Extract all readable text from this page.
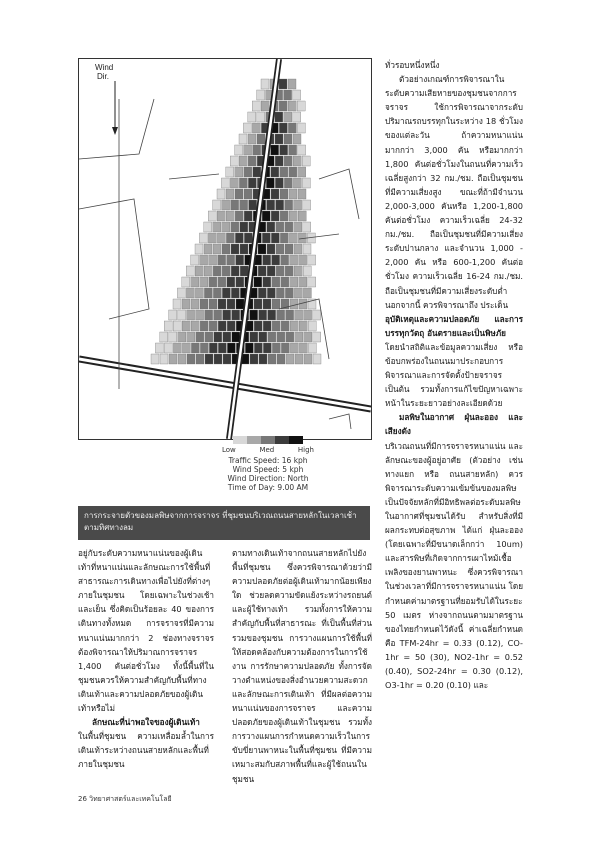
Wind
Dir.
Low	Med	High
Traffic Speed: 16 kph
Wind Speed: 5 kph
Wind Direction: North
Time of Day: 9.00 AM

การกระจายตัวของมลพิษจากการจราจร ที่ชุมชนบริเวณถนนสายหลักในเวลาเช้าตามทิศทางลม

ทั่วรอบหนึ่งหนึ่ง

ตัวอย่างเกณฑ์การพิจารณาในระดับความเสียหายของชุมชนจากการจราจร ใช้การพิจารณาจากระดับปริมาณรถบรรทุกในระหว่าง 18 ชั่วโมงของแต่ละวัน ถ้าความหนาแน่นมากกว่า 3,000 คัน หรือมากกว่า 1,800 คันต่อชั่วโมงในถนนที่ความเร็วเฉลี่ยสูงกว่า 32 กม./ชม. ถือเป็นชุมชนที่มีความเสี่ยงสูง ขณะที่ถ้ามีจำนวน 2,000-3,000 คันหรือ 1,200-1,800 คันต่อชั่วโมง ความเร็วเฉลี่ย 24-32 กม./ชม. ถือเป็นชุมชนที่มีความเสี่ยงระดับปานกลาง และจำนวน 1,000 - 2,000 คัน หรือ 600-1,200 คันต่อชั่วโมง ความเร็วเฉลี่ย 16-24 กม./ชม. ถือเป็นชุมชนที่มีความเสี่ยงระดับต่ำ นอกจากนี้ ควรพิจารณาถึง ประเด็น

อุบัติเหตุและความปลอดภัย และการบรรทุกวัตถุ อันตรายและเป็นพิษภัย

โดยนำสถิติและข้อมูลความเสี่ยง หรือข้อบกพร่องในถนนมาประกอบการพิจารณาและการจัดตั้งป้ายจราจร เป็นต้น รวมทั้งการแก้ไขปัญหาเฉพาะหน้าในระยะยาวอย่างละเอียดด้วย

มลพิษในอากาศ ฝุ่นละออง และเสียงดัง

บริเวณถนนที่มีการจราจรหนาแน่น และลักษณะของผู้อยู่อาศัย (ตัวอย่าง เช่น ทางแยก หรือ ถนนสายหลัก) ควรพิจารณาระดับความเข้มข้นของมลพิษ เป็นปัจจัยหลักที่มีอิทธิพลต่อระดับมลพิษในอากาศที่ชุมชนได้รับ สำหรับสิ่งที่มีผลกระทบต่อสุขภาพ ได้แก่ ฝุ่นละออง (โดยเฉพาะที่มีขนาดเล็กกว่า 10um) และสารพิษที่เกิดจากการเผาไหม้เชื้อเพลิงของยานพาหนะ ซึ่งควรพิจารณาในช่วงเวลาที่มีการจราจรหนาแน่น โดยกำหนดค่ามาตรฐานที่ยอมรับได้ในระยะ 50 เมตร ห่างจากถนนตามมาตรฐานของไทยกำหนดไว้ดังนี้ ค่าเฉลี่ยกำหนด คือ TFM-24hr = 0.33 (0.12), CO-1hr = 50 (30), NO2-1hr = 0.52 (0.40), SO2-24hr = 0.30 (0.12), O3-1hr = 0.20 (0.10) และ

อยู่กับระดับความหนาแน่นของผู้เดินเท้าที่หนาแน่นและลักษณะการใช้พื้นที่สาธารณะการเดินทางเพื่อไปยังที่ต่างๆ ภายในชุมชน โดยเฉพาะในช่วงเช้าและเย็น ซึ่งคิดเป็นร้อยละ 40 ของการเดินทางทั้งหมด การจราจรที่มีความหนาแน่นมากกว่า 2 ช่องทางจราจร ต้องพิจารณาให้ปริมาณการจราจร 1,400 คันต่อชั่วโมง ทั้งนี้พื้นที่ในชุมชนควรให้ความสำคัญกับพื้นที่ทางเดินเท้าและความปลอดภัยของผู้เดินเท้าหรือไม่

ลักษณะที่น่าพอใจของผู้เดินเท้า

ในพื้นที่ชุมชน ความเหลื่อมล้ำในการเดินเท้าระหว่างถนนสายหลักและพื้นที่ภายในชุมชน

ตามทางเดินเท้าจากถนนสายหลักไปยังพื้นที่ชุมชน ซึ่งควรพิจารณาด้วยว่ามีความปลอดภัยต่อผู้เดินเท้ามากน้อยเพียงใด ช่วยลดความขัดแย้งระหว่างรถยนต์และผู้ใช้ทางเท้า รวมทั้งการให้ความสำคัญกับพื้นที่สาธารณะ ที่เป็นพื้นที่ส่วนรวมของชุมชน การวางแผนการใช้พื้นที่ให้สอดคล้องกับความต้องการในการใช้งาน การรักษาความปลอดภัย ทั้งการจัดวางตำแหน่งของสิ่งอำนวยความสะดวกและลักษณะการเดินเท้า ที่มีผลต่อความหนาแน่นของการจราจร และความปลอดภัยของผู้เดินเท้าในชุมชน รวมทั้งการวางแผนการกำหนดความเร็วในการขับขี่ยานพาหนะในพื้นที่ชุมชน ที่มีความเหมาะสมกับสภาพพื้นที่และผู้ใช้ถนนในชุมชน

26 วิทยาศาสตร์และเทคโนโลยี
